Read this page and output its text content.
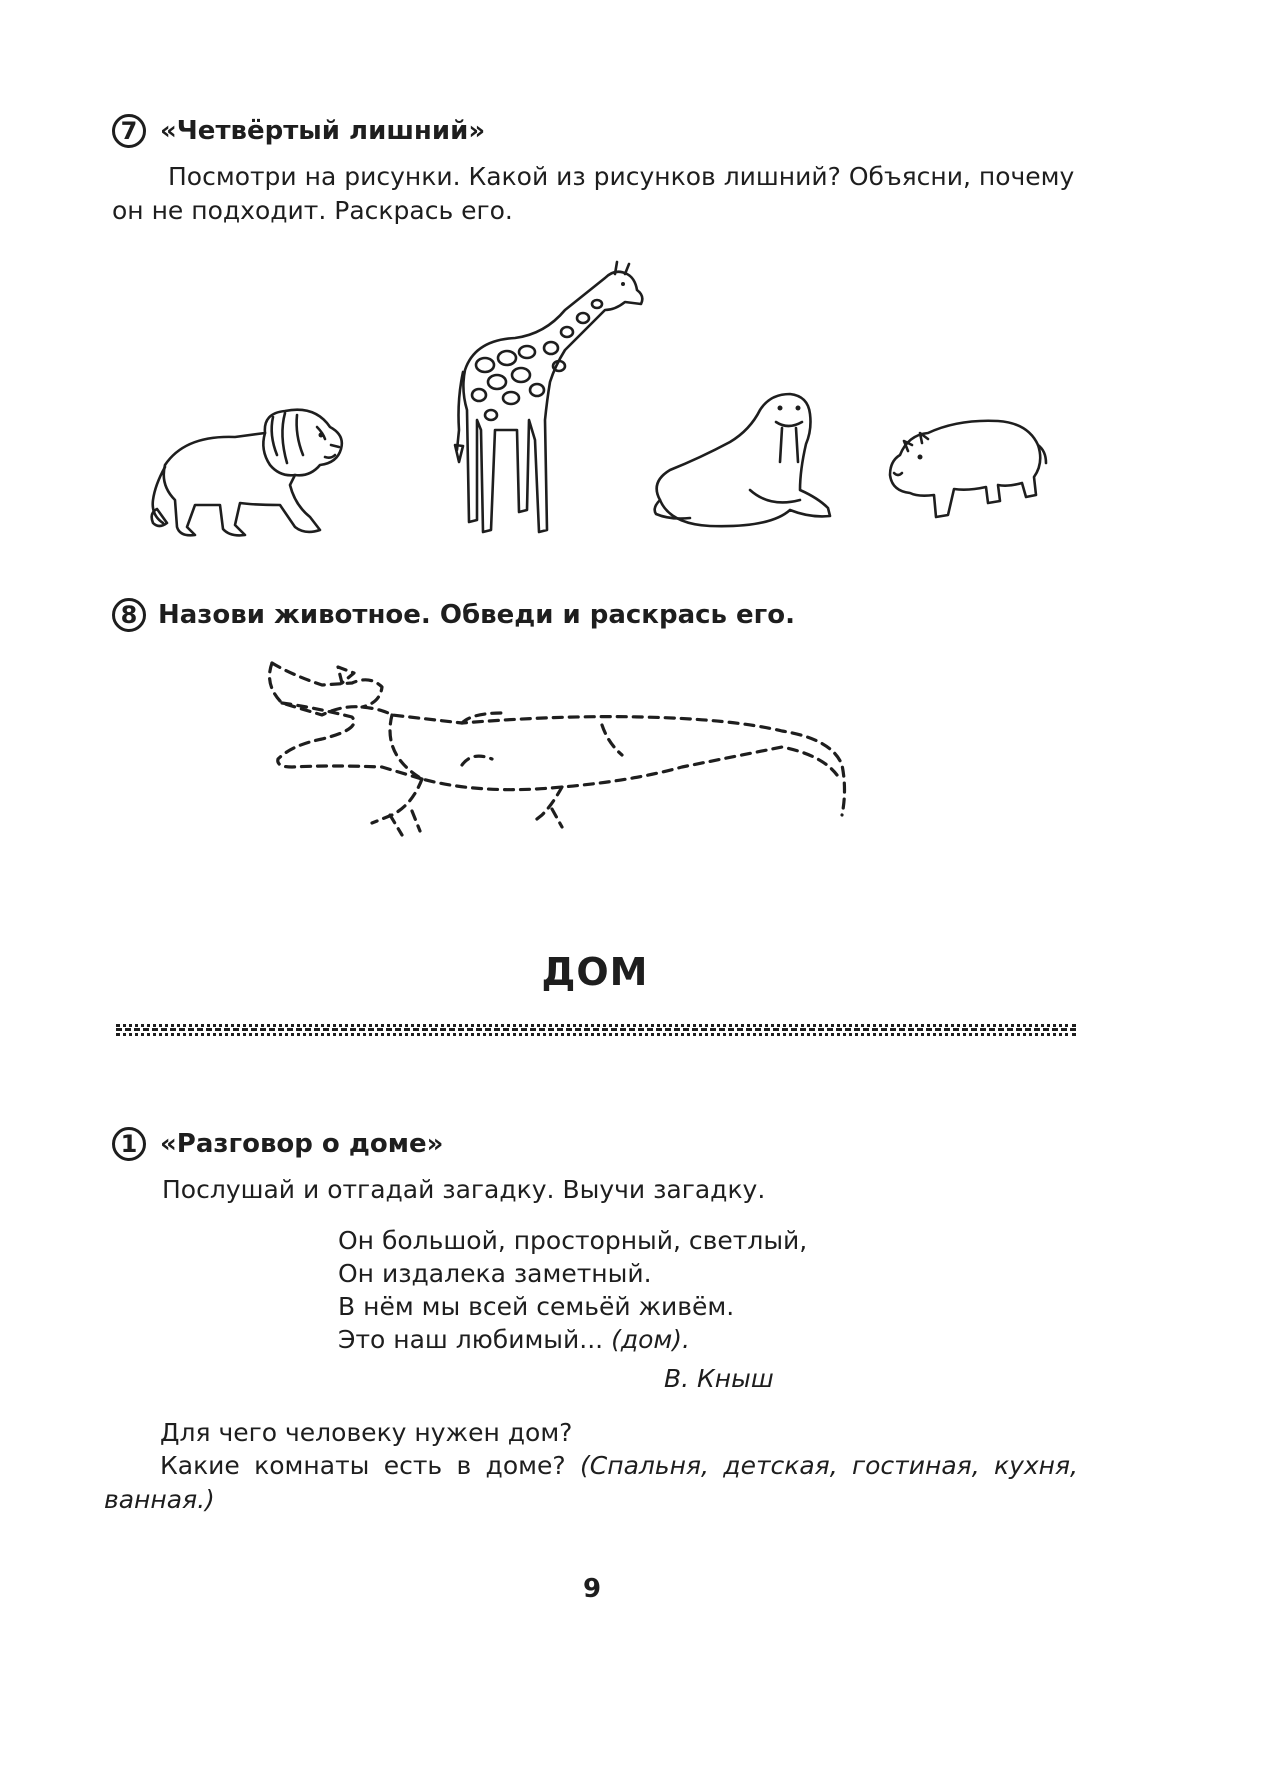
7 «Четвёртый лишний»
Посмотри на рисунки. Какой из рисунков лишний? Объясни, почему
он не подходит. Раскрась его.
8 Назови животное. Обведи и раскрась его.
ДОМ
1 «Разговор о доме»
Послушай и отгадай загадку. Выучи загадку.
Он большой, просторный, светлый,
Он издалека заметный.
В нём мы всей семьёй живём.
Это наш любимый... (дом).
В. Кныш
Для чего человеку нужен дом?
Какие комнаты есть в доме? (Спальня, детская, гостиная, кухня,
ванная.)
9
